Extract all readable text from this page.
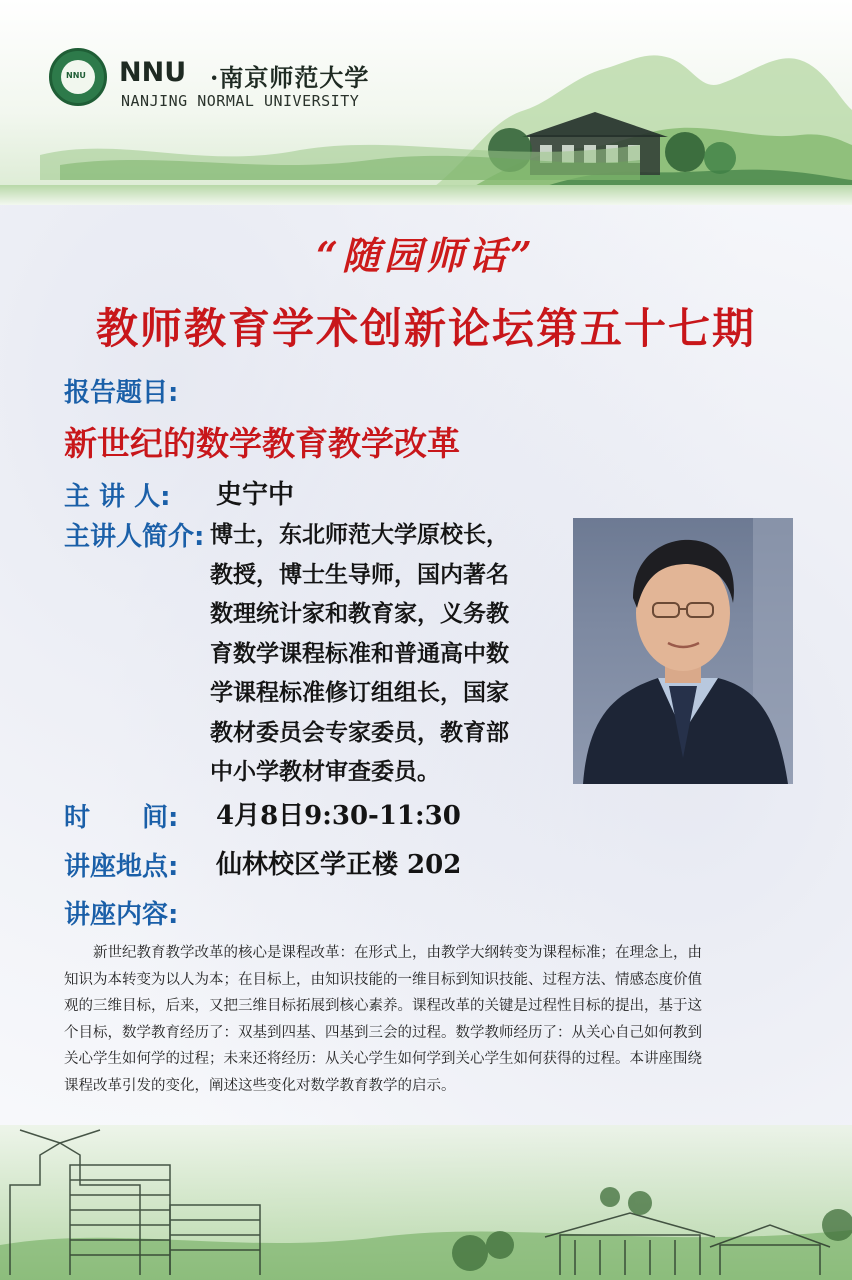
NNU NNU ·南京师范大学
NANJING NORMAL UNIVERSITY
“随园师话”
教师教育学术创新论坛第五十七期
报告题目:
新世纪的数学教育教学改革
主 讲 人: 史宁中
主讲人简介: 博士，东北师范大学原校长，
教授，博士生导师，国内著名
数理统计家和教育家，义务教
育数学课程标准和普通高中数
学课程标准修订组组长，国家
教材委员会专家委员，教育部
中小学教材审查委员。
时　　间: 4月8日9:30-11:30
讲座地点: 仙林校区学正楼 202
讲座内容:
　　新世纪教育教学改革的核心是课程改革：在形式上，由教学大纲转变为课程标准；在理念上，由
知识为本转变为以人为本；在目标上，由知识技能的一维目标到知识技能、过程方法、情感态度价值
观的三维目标，后来，又把三维目标拓展到核心素养。课程改革的关键是过程性目标的提出，基于这
个目标，数学教育经历了：双基到四基、四基到三会的过程。数学教师经历了：从关心自己如何教到
关心学生如何学的过程；未来还将经历：从关心学生如何学到关心学生如何获得的过程。本讲座围绕
课程改革引发的变化，阐述这些变化对数学教育教学的启示。
